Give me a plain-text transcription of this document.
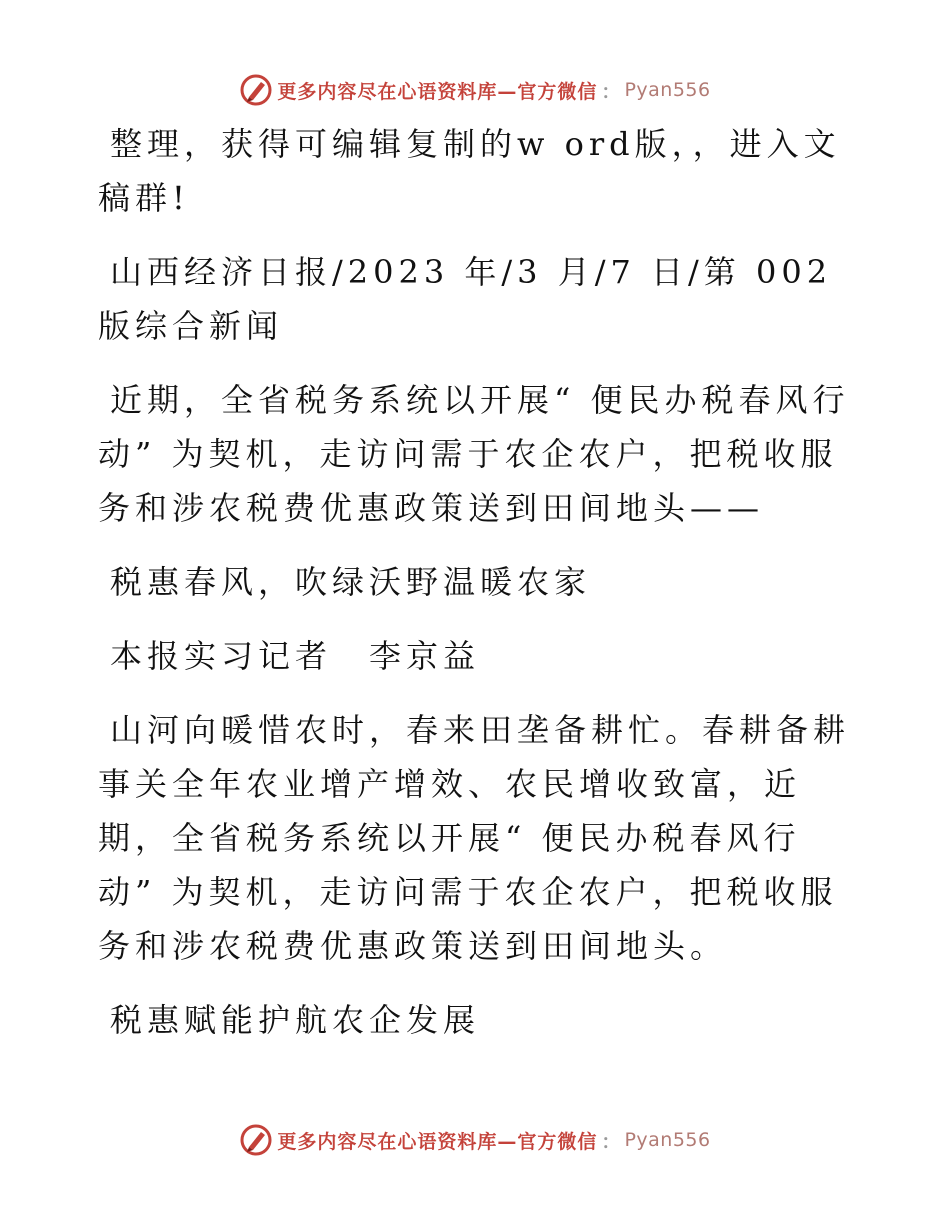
更多内容尽在心语资料库—官方微信 ： Pyan556

整理，获得可编辑复制的w ord版，，进入文稿群!

山西经济日报/2023 年/3 月/7 日/第 002 版综合新闻

近期，全省税务系统以开展“ 便民办税春风行动” 为契机，走访问需于农企农户，把税收服务和涉农税费优惠政策送到田间地头——

税惠春风，吹绿沃野温暖农家

本报实习记者　李京益

山河向暖惜农时，春来田垄备耕忙。春耕备耕事关全年农业增产增效、农民增收致富，近期，全省税务系统以开展“ 便民办税春风行动” 为契机，走访问需于农企农户，把税收服务和涉农税费优惠政策送到田间地头。

税惠赋能护航农企发展

更多内容尽在心语资料库—官方微信 ： Pyan556
